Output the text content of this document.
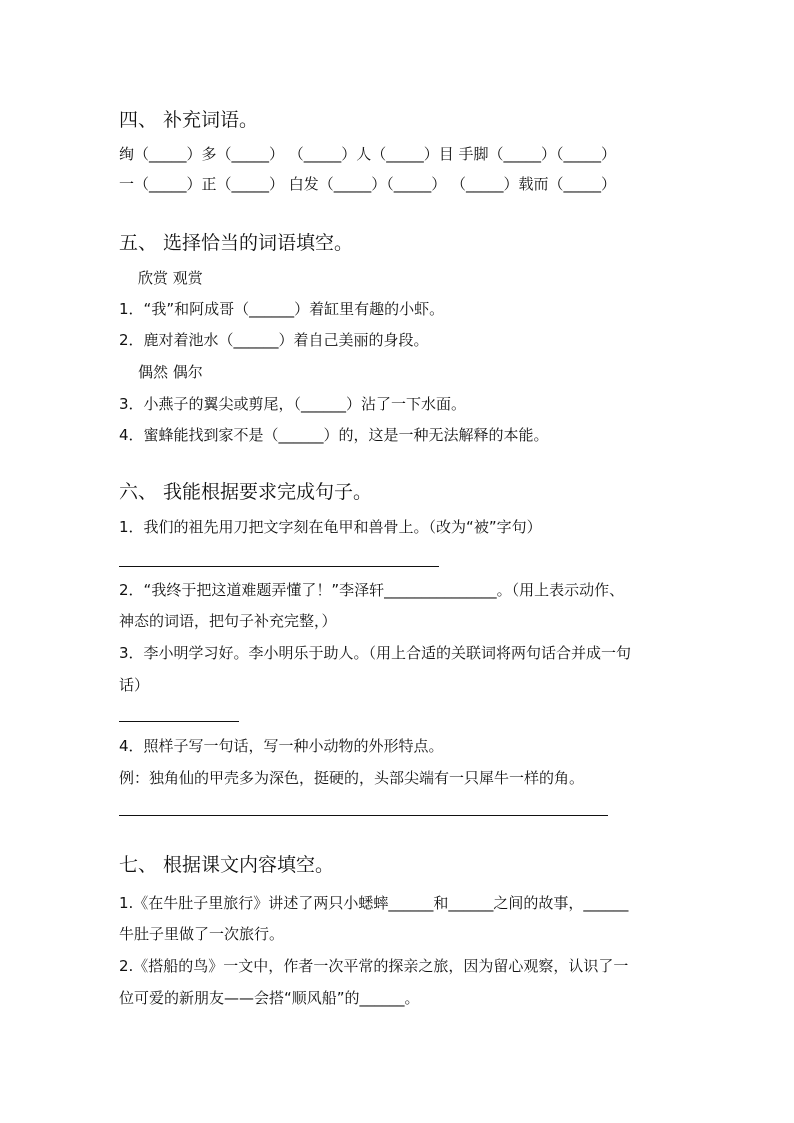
四、 补充词语。
绚（_____）多（_____） （_____）人（_____）目 手脚（_____）（_____）
一（_____）正（_____） 白发（_____）（_____） （_____）载而（_____）
五、 选择恰当的词语填空。
欣赏 观赏
1．“我”和阿成哥（______）着缸里有趣的小虾。
2．鹿对着池水（______）着自己美丽的身段。
偶然 偶尔
3．小燕子的翼尖或剪尾，（______）沾了一下水面。
4．蜜蜂能找到家不是（______）的，这是一种无法解释的本能。
六、 我能根据要求完成句子。
1．我们的祖先用刀把文字刻在龟甲和兽骨上。（改为“被”字句）
2．“我终于把这道难题弄懂了！”李泽轩_______________。（用上表示动作、
神态的词语，把句子补充完整，）
3．李小明学习好。李小明乐于助人。（用上合适的关联词将两句话合并成一句
话）
4．照样子写一句话，写一种小动物的外形特点。
例：独角仙的甲壳多为深色，挺硬的，头部尖端有一只犀牛一样的角。
七、 根据课文内容填空。
1.《在牛肚子里旅行》讲述了两只小蟋蟀______和______之间的故事，______
牛肚子里做了一次旅行。
2.《搭船的鸟》一文中，作者一次平常的探亲之旅，因为留心观察，认识了一
位可爱的新朋友——会搭“顺风船”的______。
